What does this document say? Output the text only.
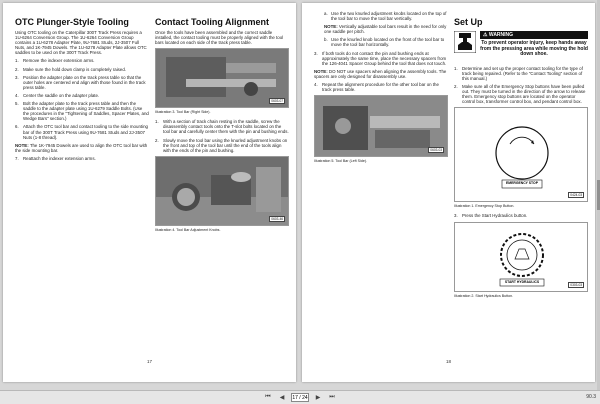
OTC Plunger-Style Tooling
Using OTC tooling on the Caterpillar 300T Track Press requires a 1U-6264 Conversion Group. The 1U-6264 Conversion Group contains a 1U-6278 Adapter Plate, 9U-7681 Studs, 2J-3507 Full Nuts, and 1K-7945 Dowels. The 1U-6278 Adapter Plate allows OTC saddles to be used on the 300T Track Press.
1. Remove the indexer extension arms.
2. Make sure the hold down clamp is completely raised.
3. Position the adapter plate on the track press table so that the outer holes are centered end align with those found in the track press table.
4. Center the saddle on the adapter plate.
5. Bolt the adapter plate to the track press table and then the saddle to the adapter plate using 1U-6279 Saddle Bolts. (Use the procedures in the "Tightening of Saddles, Spacer Plates, and Wedge Bars" section.)
6. Attach the OTC tool bar and contact tooling to the side mounting bar of the 300T Track Press using 9U-7681 Studs and 2J-3507 Nuts (1-8 thread).
NOTE: The 1K-7945 Dowels are used to align the OTC tool bar with the side mounting bar.
7. Reattach the indexer extension arms.
Contact Tooling Alignment
Once the tools have been assembled and the correct saddle installed, the contact tooling must be properly aligned with the tool bars located on each side of the track press table.
0603-07
Illustration 3. Tool Bar (Right Side).
1. With a section of track chain resting in the saddle, screw the disassembly contact tools onto the T-slot bolts located on the tool bar and carefully center them with the pin and bushing ends.
2. Slowly move the tool bar using the knurled adjustment knobs on the front and top of the tool bar until the end of the tools align with the ends of the pin and bushing.
0603-46
Illustration 4. Tool Bar Adjustment Knobs.
17
a. Use the two knurled adjustment knobs located on the top of the tool bar to move the tool bar vertically.
NOTE: Vertically adjustable tool bars result in the need for only one saddle per pitch.
b. Use the knurled knob located on the front of the tool bar to move the tool bar horizontally.
3. If both tools do not contact the pin and bushing ends at approximately the same time, place the necessary spacers from the 126-4041 Spacer Group behind the tool that does not touch.
NOTE: DO NOT use spacers when aligning the assembly tools. The spacers are only designed for disassembly use.
4. Repeat the alignment procedure for the other tool bar on the track press table.
0603-03
Illustration 5. Tool Bar (Left Side).
Set Up
⚠ WARNING
To prevent operator injury, keep hands away from the pressing area while moving the hold down shoe.
1. Determine and set up the proper contact tooling for the type of track being repaired. (Refer to the "Contact Tooling" section of this manual.)
2. Make sure all of the Emergency Stop buttons have been pulled out. They must be turned in the direction of the arrow to release them. Emergency stop buttons are located on the operator control box, transformer control box, and pendant control box.
EMERGENCY STOP
0424-03
Illustration 1. Emergency Stop Button.
3. Press the Start Hydraulics button.
START HYDRAULICS
0303-03
Illustration 2. Start Hydraulics Button.
18
⏮	◀
17 / 24	▶	⏭	90.3
